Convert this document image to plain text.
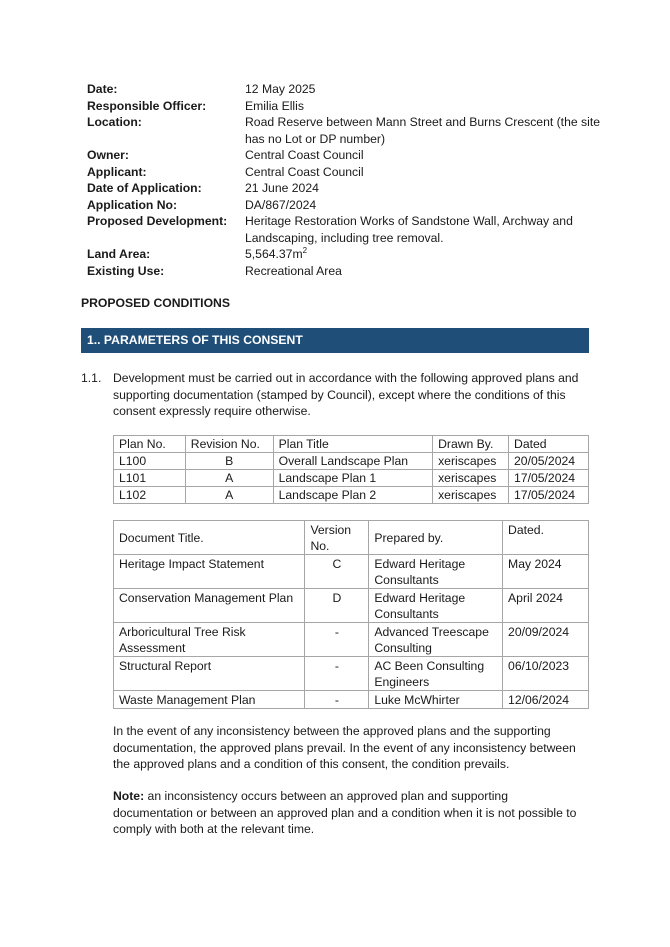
Date:	12 May 2025
Responsible Officer:	Emilia Ellis
Location:	Road Reserve between Mann Street and Burns Crescent (the site has no Lot or DP number)
Owner:	Central Coast Council
Applicant:	Central Coast Council
Date of Application:	21 June 2024
Application No:	DA/867/2024
Proposed Development:	Heritage Restoration Works of Sandstone Wall, Archway and Landscaping, including tree removal.
Land Area:	$5,564.37m^2$
Existing Use:	Recreational Area
PROPOSED CONDITIONS
1.. PARAMETERS OF THIS CONSENT
1.1. Development must be carried out in accordance with the following approved plans and supporting documentation (stamped by Council), except where the conditions of this consent expressly require otherwise.
Plan No.	Revision No.	Plan Title	Drawn By.	Dated
L100	B	Overall Landscape Plan	xeriscapes	20/05/2024
L101	A	Landscape Plan 1	xeriscapes	17/05/2024
L102	A	Landscape Plan 2	xeriscapes	17/05/2024
Document Title.	Version No.	Prepared by.	Dated.
Heritage Impact Statement	C	Edward Heritage Consultants	May 2024
Conservation Management Plan	D	Edward Heritage Consultants	April 2024
Arboricultural Tree Risk Assessment	-	Advanced Treescape Consulting	20/09/2024
Structural Report	-	AC Been Consulting Engineers	06/10/2023
Waste Management Plan	-	Luke McWhirter	12/06/2024
In the event of any inconsistency between the approved plans and the supporting documentation, the approved plans prevail. In the event of any inconsistency between the approved plans and a condition of this consent, the condition prevails.
Note: an inconsistency occurs between an approved plan and supporting documentation or between an approved plan and a condition when it is not possible to comply with both at the relevant time.
